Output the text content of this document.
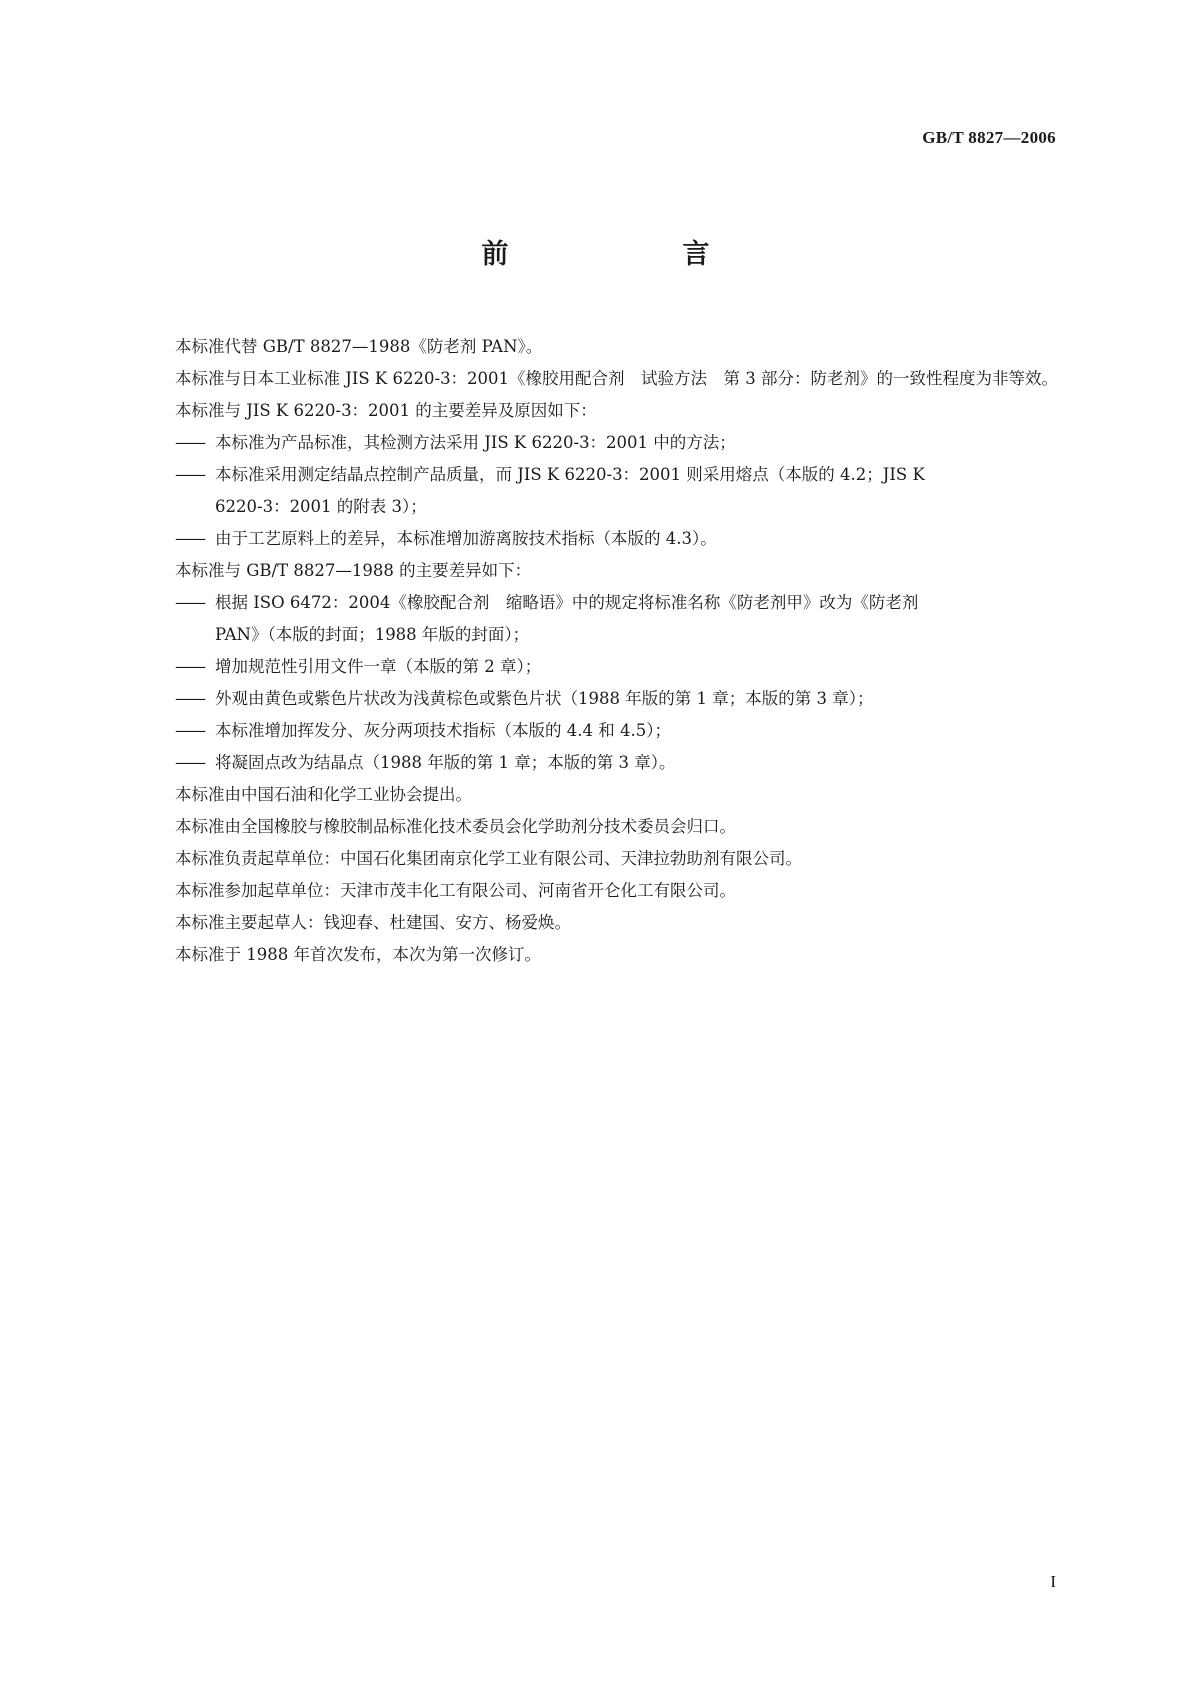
GB/T 8827—2006
前　　言

本标准代替 GB/T 8827—1988《防老剂 PAN》。

本标准与日本工业标准 JIS K 6220-3：2001《橡胶用配合剂　试验方法　第 3 部分：防老剂》的一致性程度为非等效。

本标准与 JIS K 6220-3：2001 的主要差异及原因如下：

—— 本标准为产品标准，其检测方法采用 JIS K 6220-3：2001 中的方法；
—— 本标准采用测定结晶点控制产品质量，而 JIS K 6220-3：2001 则采用熔点（本版的 4.2；JIS K
6220-3：2001 的附表 3）；
—— 由于工艺原料上的差异，本标准增加游离胺技术指标（本版的 4.3）。

本标准与 GB/T 8827—1988 的主要差异如下：

—— 根据 ISO 6472：2004《橡胶配合剂　缩略语》中的规定将标准名称《防老剂甲》改为《防老剂
PAN》（本版的封面；1988 年版的封面）；
—— 增加规范性引用文件一章（本版的第 2 章）；
—— 外观由黄色或紫色片状改为浅黄棕色或紫色片状（1988 年版的第 1 章；本版的第 3 章）；
—— 本标准增加挥发分、灰分两项技术指标（本版的 4.4 和 4.5）；
—— 将凝固点改为结晶点（1988 年版的第 1 章；本版的第 3 章）。

本标准由中国石油和化学工业协会提出。

本标准由全国橡胶与橡胶制品标准化技术委员会化学助剂分技术委员会归口。

本标准负责起草单位：中国石化集团南京化学工业有限公司、天津拉勃助剂有限公司。

本标准参加起草单位：天津市茂丰化工有限公司、河南省开仑化工有限公司。

本标准主要起草人：钱迎春、杜建国、安方、杨爱焕。

本标准于 1988 年首次发布，本次为第一次修订。

I
